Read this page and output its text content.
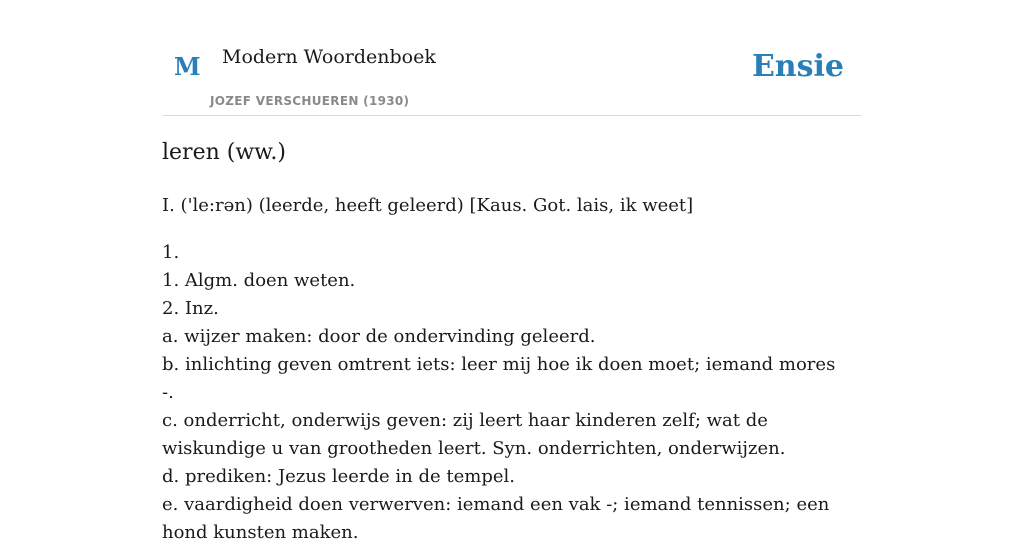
M Modern Woordenboek
JOZEF VERSCHUEREN (1930)
Ensie
leren (ww.)

I. ('le:rən) (leerde, heeft geleerd) [Kaus. Got. lais, ik weet]

1.
1. Algm. doen weten.
2. Inz.
a. wijzer maken: door de ondervinding geleerd.
b. inlichting geven omtrent iets: leer mij hoe ik doen moet; iemand mores -.
c. onderricht, onderwijs geven: zij leert haar kinderen zelf; wat de wiskundige u van grootheden leert. Syn. onderrichten, onderwijzen.
d. prediken: Jezus leerde in de tempel.
e. vaardigheid doen verwerven: iemand een vak -; iemand tennissen; een hond kunsten maken.
